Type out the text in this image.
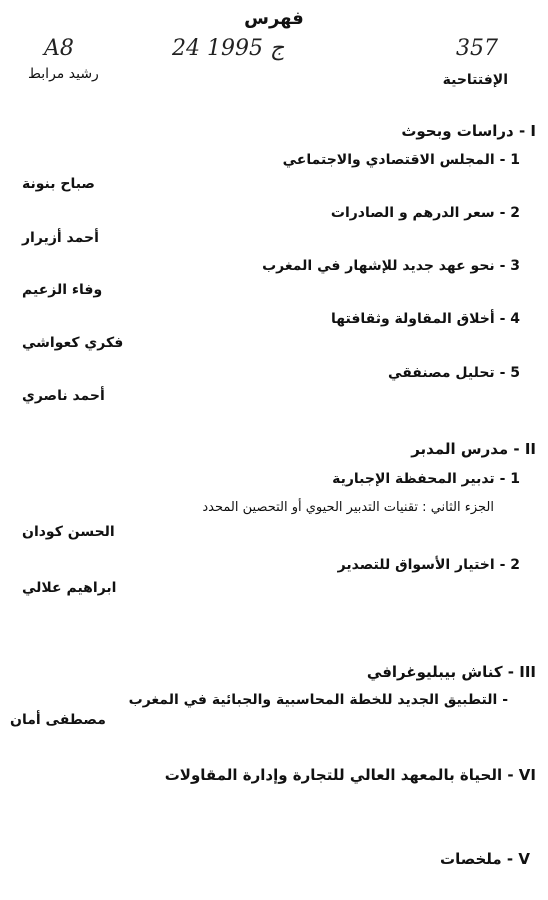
فهرس
A8	24 ج 1995	357
رشيد مرابط	الإفتتاحية
I - دراسات وبحوث
1 - المجلس الاقتصادي والاجتماعي
صباح بنونة
2 - سعر الدرهم و الصادرات
أحمد أزيرار
3 - نحو عهد جديد للإشهار في المغرب
وفاء الزعيم
4 - أخلاق المقاولة وثقافتها
فكري كعواشي
5 - تحليل مصنفقي
أحمد ناصري
II - مدرس المدبر
1 - تدبير المحفظة الإجبارية
الجزء الثاني : تقنيات التدبير الحيوي أو التحصين المحدد
الحسن كودان
2 - اختيار الأسواق للتصدير
ابراهيم علالي
III - كناش بيبليوغرافي
- التطبيق الجديد للخطة المحاسبية والجبائية في المغرب
مصطفى أمان
VI - الحياة بالمعهد العالي للتجارة وإدارة المقاولات
V - ملخصات
